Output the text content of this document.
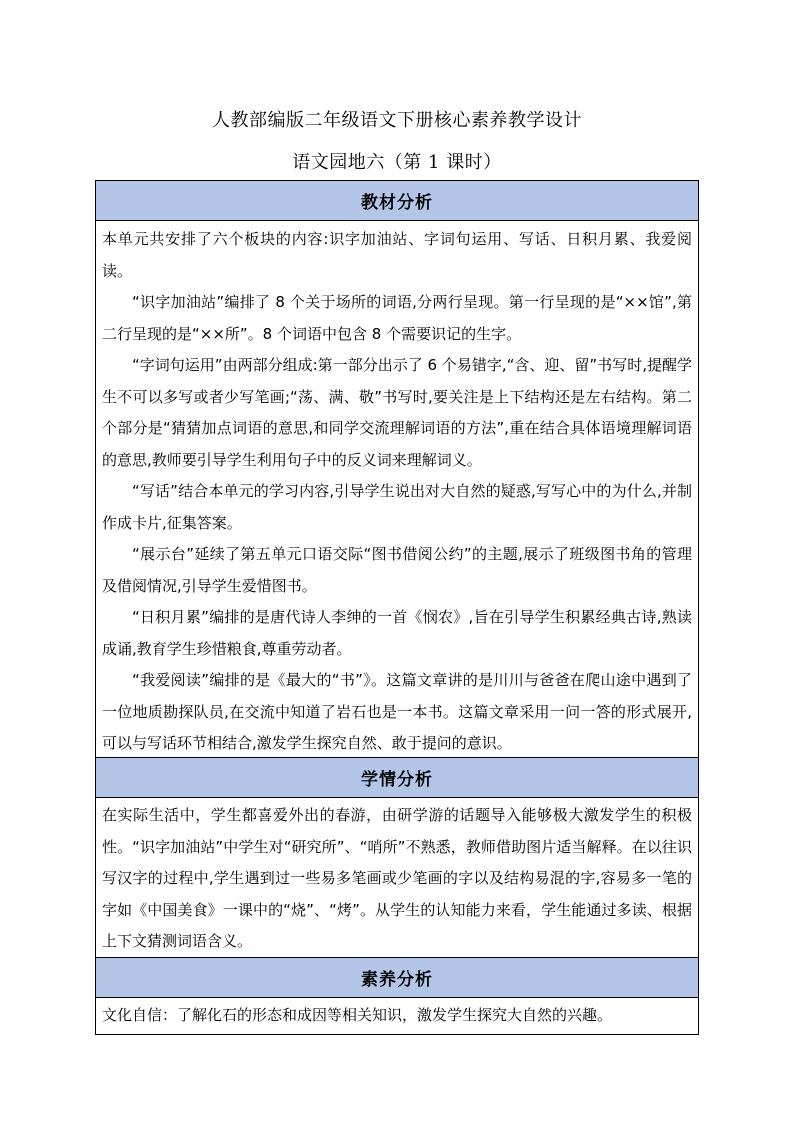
人教部编版二年级语文下册核心素养教学设计
语文园地六（第 1 课时）
教材分析

本单元共安排了六个板块的内容:识字加油站、字词句运用、写话、日积月累、我爱阅读。

“识字加油站”编排了 8 个关于场所的词语,分两行呈现。第一行呈现的是“××馆”,第二行呈现的是“××所”。8 个词语中包含 8 个需要识记的生字。

“字词句运用”由两部分组成:第一部分出示了 6 个易错字,“含、迎、留”书写时,提醒学生不可以多写或者少写笔画;“荡、满、敬”书写时,要关注是上下结构还是左右结构。第二个部分是“猜猜加点词语的意思,和同学交流理解词语的方法”,重在结合具体语境理解词语的意思,教师要引导学生利用句子中的反义词来理解词义。

“写话”结合本单元的学习内容,引导学生说出对大自然的疑惑,写写心中的为什么,并制作成卡片,征集答案。

“展示台”延续了第五单元口语交际“图书借阅公约”的主题,展示了班级图书角的管理及借阅情况,引导学生爱惜图书。

“日积月累”编排的是唐代诗人李绅的一首《悯农》,旨在引导学生积累经典古诗,熟读成诵,教育学生珍惜粮食,尊重劳动者。

“我爱阅读”编排的是《最大的“书”》。这篇文章讲的是川川与爸爸在爬山途中遇到了一位地质勘探队员,在交流中知道了岩石也是一本书。这篇文章采用一问一答的形式展开,可以与写话环节相结合,激发学生探究自然、敢于提问的意识。

学情分析

在实际生活中，学生都喜爱外出的春游，由研学游的话题导入能够极大激发学生的积极性。“识字加油站”中学生对“研究所”、“哨所”不熟悉，教师借助图片适当解释。在以往识写汉字的过程中,学生遇到过一些易多笔画或少笔画的字以及结构易混的字,容易多一笔的字如《中国美食》一课中的“烧”、“烤”。从学生的认知能力来看，学生能通过多读、根据上下文猜测词语含义。

素养分析

文化自信：了解化石的形态和成因等相关知识，激发学生探究大自然的兴趣。
